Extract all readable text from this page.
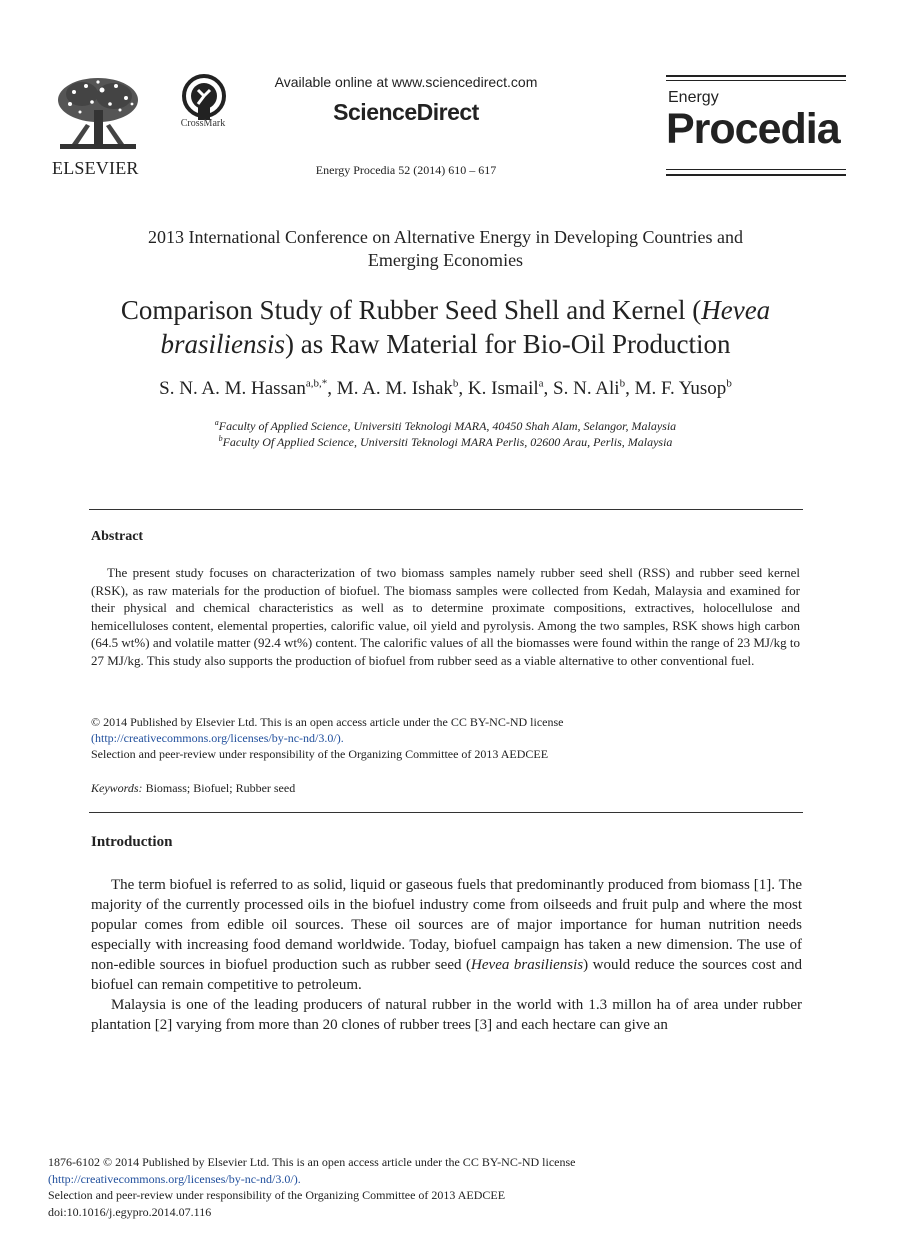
ELSEVIER
CrossMark
Available online at www.sciencedirect.com
ScienceDirect
Energy Procedia 52 (2014) 610 – 617
Energy
Procedia
2013 International Conference on Alternative Energy in Developing Countries and
Emerging Economies
Comparison Study of Rubber Seed Shell and Kernel (Hevea
brasiliensis) as Raw Material for Bio-Oil Production
S. N. A. M. Hassan$^{a,b,*}$, M. A. M. Ishak$^b$, K. Ismail$^a$, S. N. Ali$^b$, M. F. Yusop$^b$
$^a$Faculty of Applied Science, Universiti Teknologi MARA, 40450 Shah Alam, Selangor, Malaysia
$^b$Faculty Of Applied Science, Universiti Teknologi MARA Perlis, 02600 Arau, Perlis, Malaysia
Abstract
The present study focuses on characterization of two biomass samples namely rubber seed shell (RSS) and rubber seed kernel (RSK), as raw materials for the production of biofuel. The biomass samples were collected from Kedah, Malaysia and examined for their physical and chemical characteristics as well as to determine proximate compositions, extractives, holocellulose and hemicelluloses content, elemental properties, calorific value, oil yield and pyrolysis. Among the two samples, RSK shows high carbon (64.5 wt%) and volatile matter (92.4 wt%) content. The calorific values of all the biomasses were found within the range of 23 MJ/kg to 27 MJ/kg. This study also supports the production of biofuel from rubber seed as a viable alternative to other conventional fuel.
© 2014 Published by Elsevier Ltd. This is an open access article under the CC BY-NC-ND license
(http://creativecommons.org/licenses/by-nc-nd/3.0/).
Selection and peer-review under responsibility of the Organizing Committee of 2013 AEDCEE
Keywords: Biomass; Biofuel; Rubber seed
Introduction
The term biofuel is referred to as solid, liquid or gaseous fuels that predominantly produced from biomass [1]. The majority of the currently processed oils in the biofuel industry come from oilseeds and fruit pulp and where the most popular comes from edible oil sources. These oil sources are of major importance for human nutrition needs especially with increasing food demand worldwide. Today, biofuel campaign has taken a new dimension. The use of non-edible sources in biofuel production such as rubber seed (Hevea brasiliensis) would reduce the sources cost and biofuel can remain competitive to petroleum.
Malaysia is one of the leading producers of natural rubber in the world with 1.3 millon ha of area under rubber plantation [2] varying from more than 20 clones of rubber trees [3] and each hectare can give an
1876-6102 © 2014 Published by Elsevier Ltd. This is an open access article under the CC BY-NC-ND license
(http://creativecommons.org/licenses/by-nc-nd/3.0/).
Selection and peer-review under responsibility of the Organizing Committee of 2013 AEDCEE
doi:10.1016/j.egypro.2014.07.116
